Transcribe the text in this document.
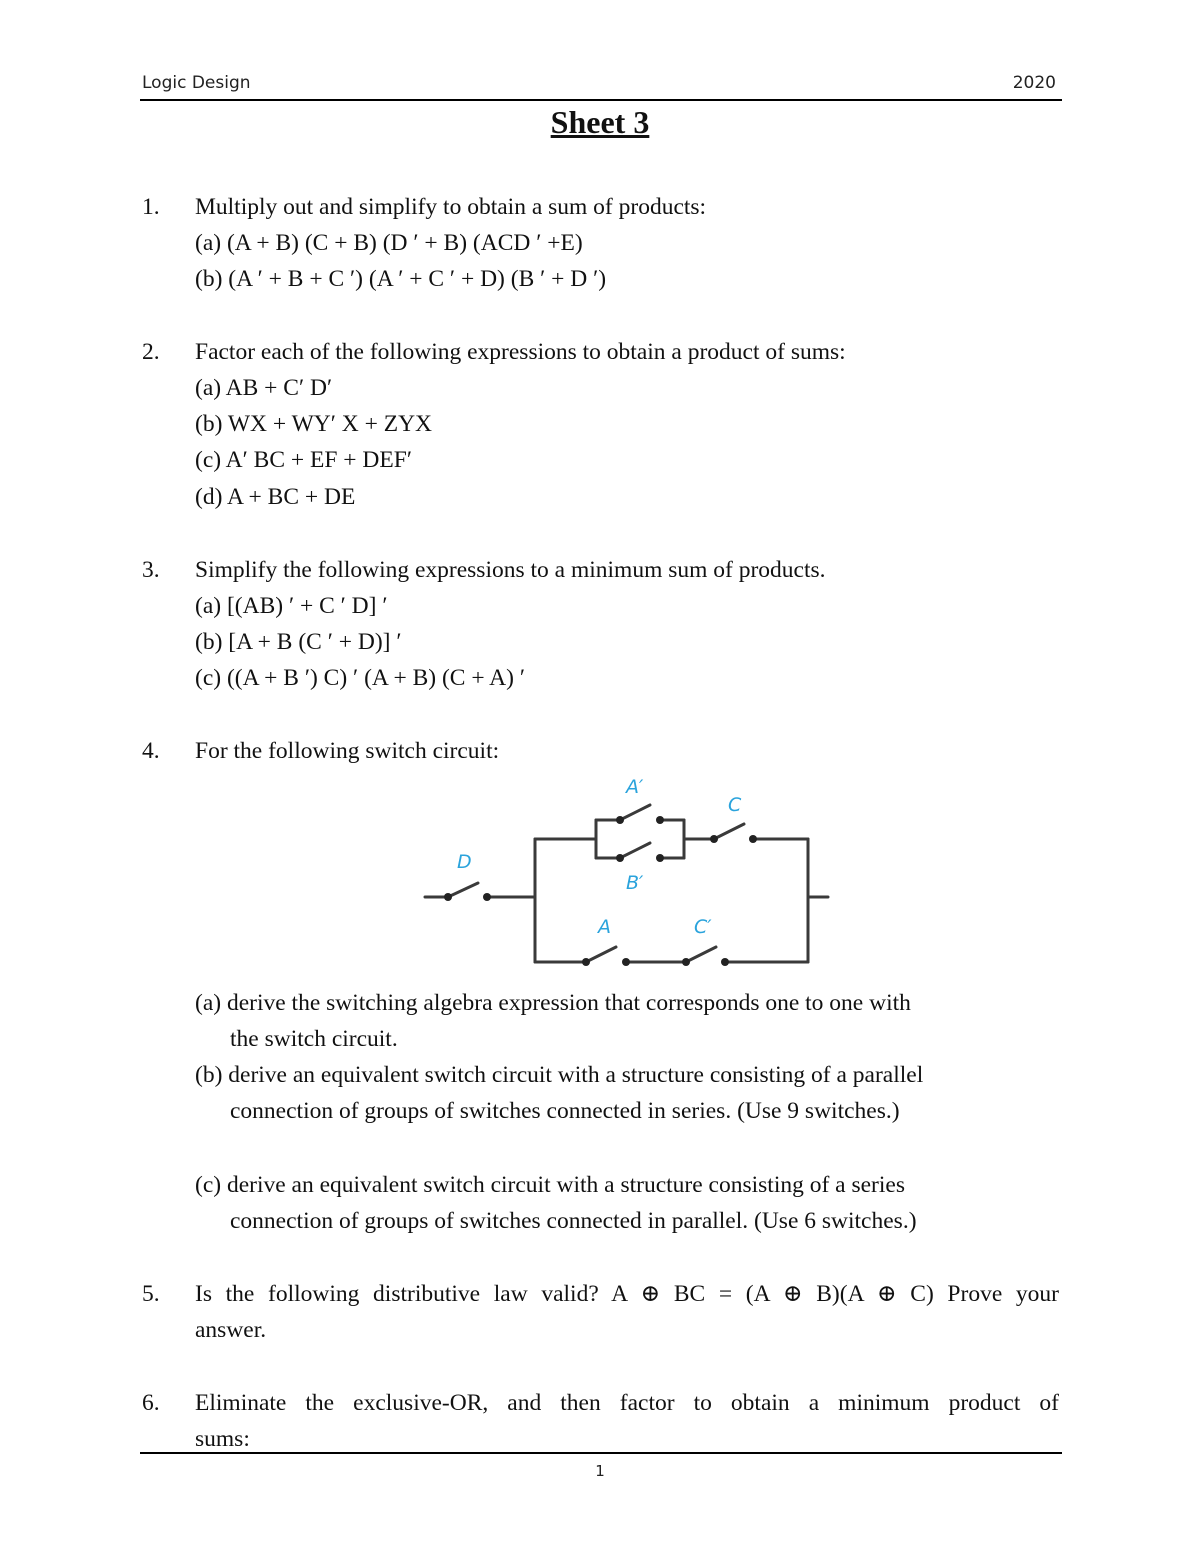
Logic Design	2020
Sheet 3
1. Multiply out and simplify to obtain a sum of products:
(a) (A + B) (C + B) (D ′ + B) (ACD ′ +E)
(b) (A ′ + B + C ′) (A ′ + C ′ + D) (B ′ + D ′)
2. Factor each of the following expressions to obtain a product of sums:
(a) AB + C′ D′
(b) WX + WY′ X + ZYX
(c) A′ BC + EF + DEF′
(d) A + BC + DE
3. Simplify the following expressions to a minimum sum of products.
(a) [(AB) ′ + C ′ D] ′
(b) [A + B (C ′ + D)] ′
(c) ((A + B ′) C) ′ (A + B) (C + A) ′
4. For the following switch circuit:
A′
B′
C
D
A	C′
(a) derive the switching algebra expression that corresponds one to one with
the switch circuit.
(b) derive an equivalent switch circuit with a structure consisting of a parallel
connection of groups of switches connected in series. (Use 9 switches.)
(c) derive an equivalent switch circuit with a structure consisting of a series
connection of groups of switches connected in parallel. (Use 6 switches.)
5. Is the following distributive law valid? A ⊕ BC = (A ⊕ B)(A ⊕ C) Prove your
answer.
6. Eliminate the exclusive-OR, and then factor to obtain a minimum product of
sums:
1
